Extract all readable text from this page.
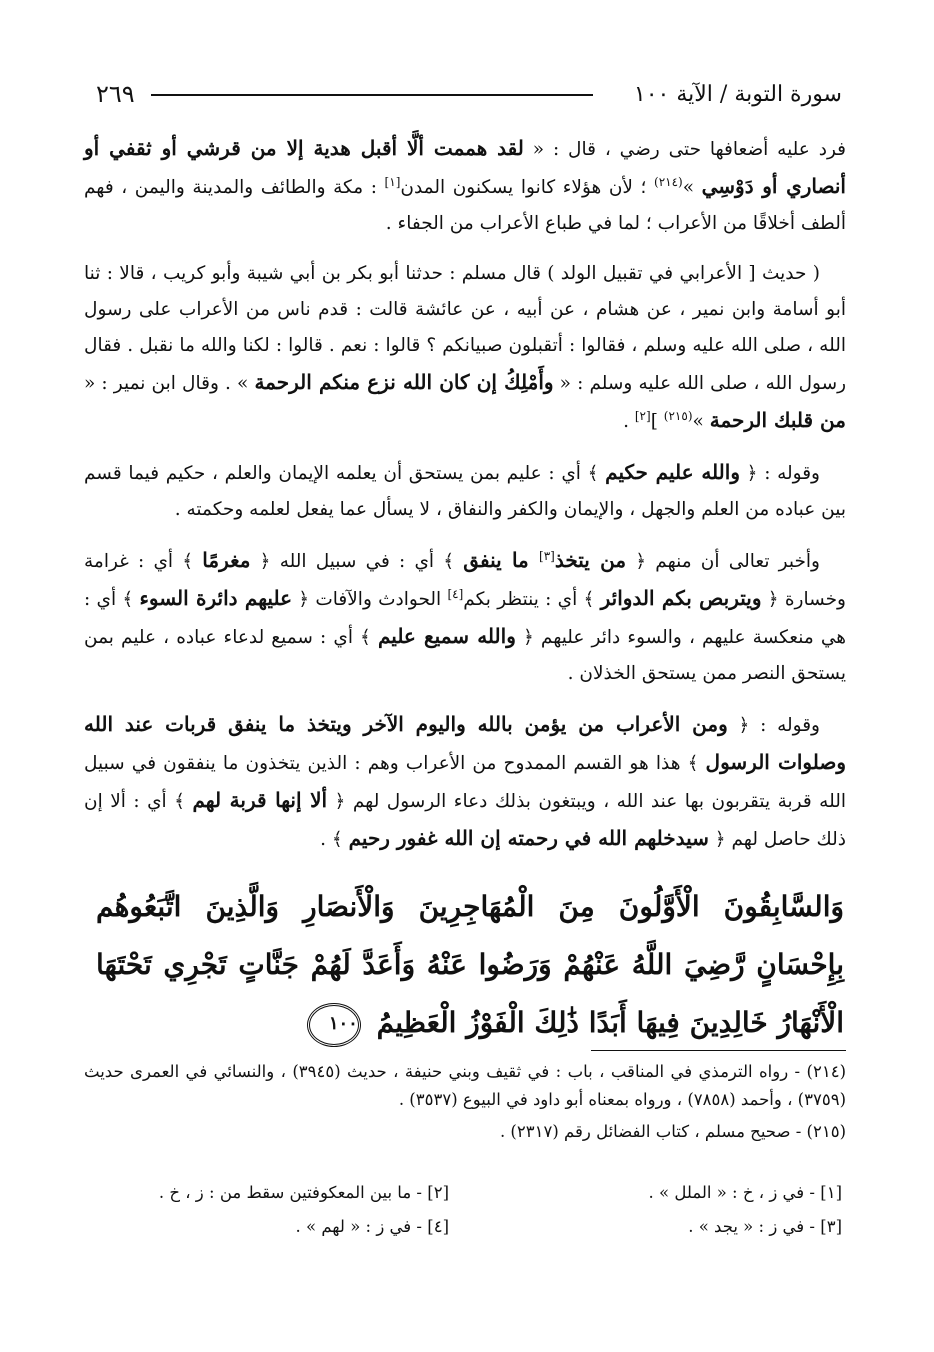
سورة التوبة / الآية ١٠٠
٢٦٩

فرد عليه أضعافها حتى رضي ، قال : « لقد هممت ألَّا أقبل هدية إلا من قرشي أو ثقفي أو أنصاري أو دَوْسِي »$^{(٢١٤)}$ ؛ لأن هؤلاء كانوا يسكنون المدن[١] : مكة والطائف والمدينة واليمن ، فهم ألطف أخلاقًا من الأعراب ؛ لما في طباع الأعراب من الجفاء .

( حديث [ الأعرابي في تقبيل الولد ) قال مسلم : حدثنا أبو بكر بن أبي شيبة وأبو كريب ، قالا : ثنا أبو أسامة وابن نمير ، عن هشام ، عن أبيه ، عن عائشة قالت : قدم ناس من الأعراب على رسول الله ، صلى الله عليه وسلم ، فقالوا : أتقبلون صبيانكم ؟ قالوا : نعم . قالوا : لكنا والله ما نقبل . فقال رسول الله ، صلى الله عليه وسلم : « وأَمْلِكُ إن كان الله نزع منكم الرحمة » . وقال ابن نمير : « من قلبك الرحمة »$^{(٢١٥)}$ ][٢] .

وقوله : ﴿ والله عليم حكيم ﴾ أي : عليم بمن يستحق أن يعلمه الإيمان والعلم ، حكيم فيما قسم بين عباده من العلم والجهل ، والإيمان والكفر والنفاق ، لا يسأل عما يفعل لعلمه وحكمته .

وأخبر تعالى أن منهم ﴿ من يتخذ[٣] ما ينفق ﴾ أي : في سبيل الله ﴿ مغرمًا ﴾ أي : غرامة وخسارة ﴿ ويتربص بكم الدوائر ﴾ أي : ينتظر بكم[٤] الحوادث والآفات ﴿ عليهم دائرة السوء ﴾ أي : هي منعكسة عليهم ، والسوء دائر عليهم ﴿ والله سميع عليم ﴾ أي : سميع لدعاء عباده ، عليم بمن يستحق النصر ممن يستحق الخذلان .

وقوله : ﴿ ومن الأعراب من يؤمن بالله واليوم الآخر ويتخذ ما ينفق قربات عند الله وصلوات الرسول ﴾ هذا هو القسم الممدوح من الأعراب وهم : الذين يتخذون ما ينفقون في سبيل الله قربة يتقربون بها عند الله ، ويبتغون بذلك دعاء الرسول لهم ﴿ ألا إنها قربة لهم ﴾ أي : ألا إن ذلك حاصل لهم ﴿ سيدخلهم الله في رحمته إن الله غفور رحيم ﴾ .

وَالسَّابِقُونَ الْأَوَّلُونَ مِنَ الْمُهَاجِرِينَ وَالْأَنصَارِ وَالَّذِينَ اتَّبَعُوهُم بِإِحْسَانٍ رَّضِيَ اللَّهُ عَنْهُمْ وَرَضُوا عَنْهُ وَأَعَدَّ لَهُمْ جَنَّاتٍ تَجْرِي تَحْتَهَا الْأَنْهَارُ خَالِدِينَ فِيهَا أَبَدًا ذَٰلِكَ الْفَوْزُ الْعَظِيمُ ١٠٠

(٢١٤) - رواه الترمذي في المناقب ، باب : في ثقيف وبني حنيفة ، حديث (٣٩٤٥) ، والنسائي في العمرى حديث (٣٧٥٩) ، وأحمد (٧٨٥٨) ، ورواه بمعناه أبو داود في البيوع (٣٥٣٧) .

(٢١٥) - صحيح مسلم ، كتاب الفضائل رقم (٢٣١٧) .

[١] - في ز ، خ : « الملل » .
[٢] - ما بين المعكوفتين سقط من : ز ، خ .
[٣] - في ز : « يجد » .
[٤] - في ز : « لهم » .
